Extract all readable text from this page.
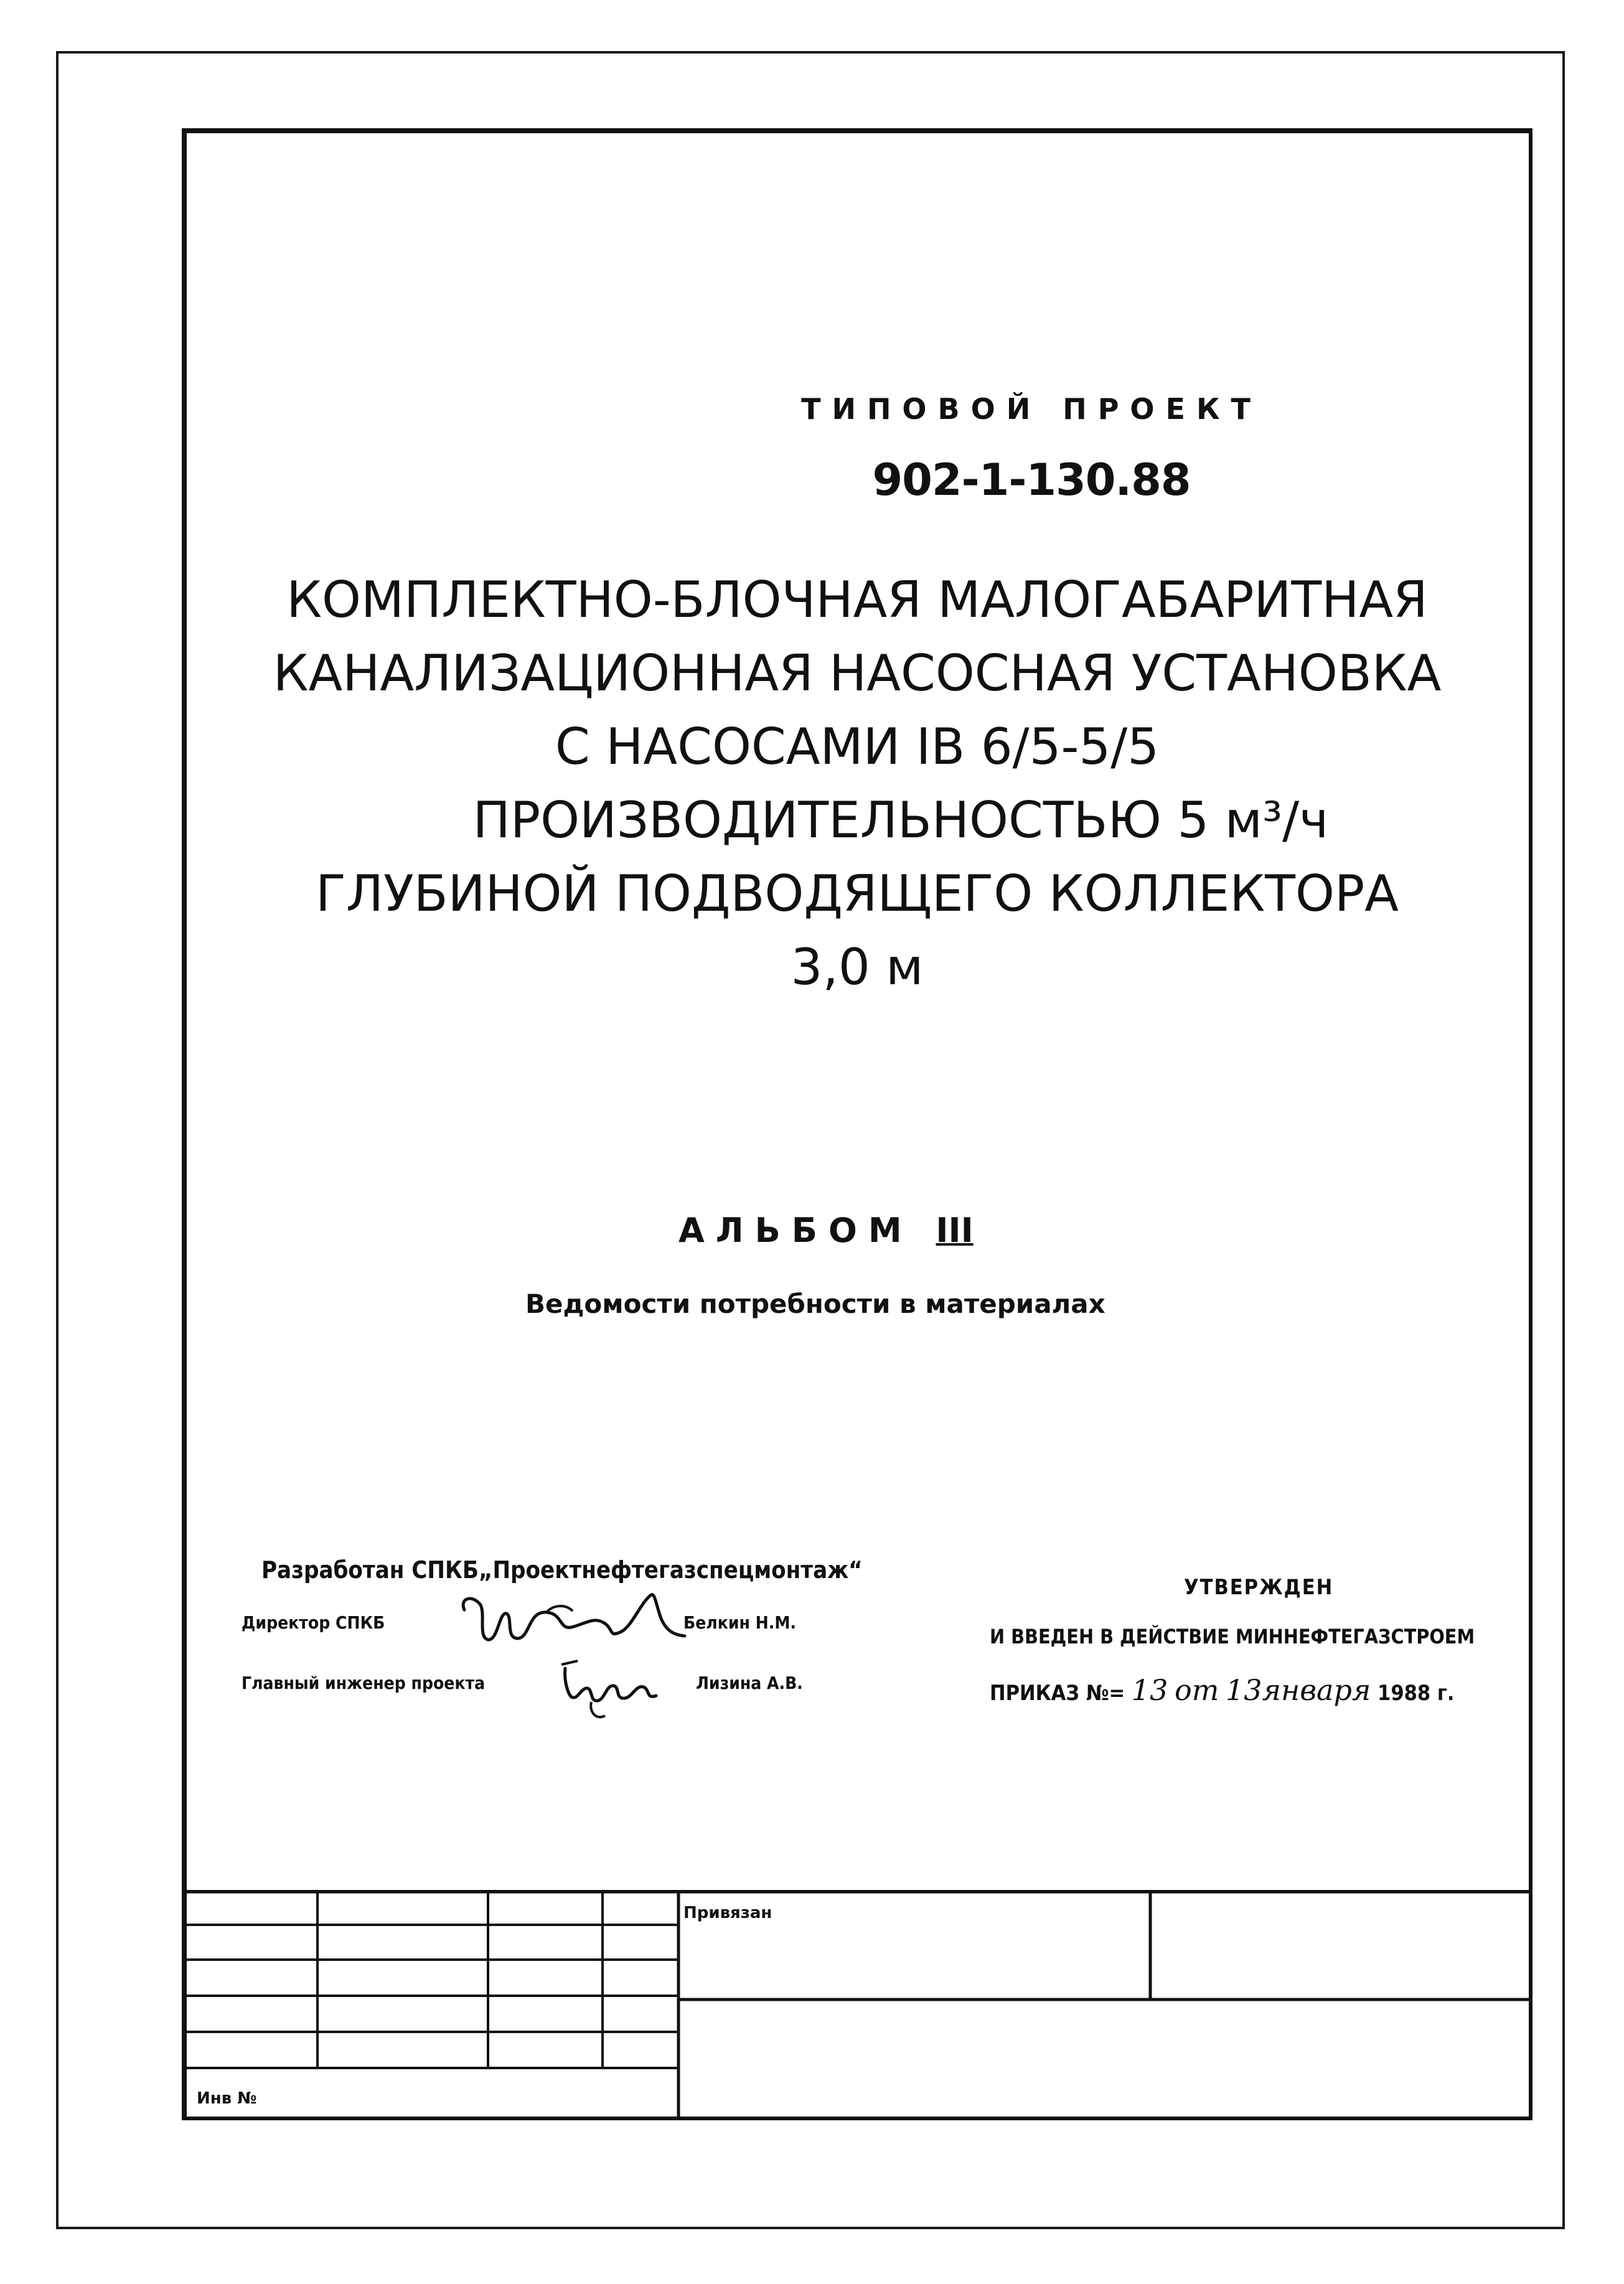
ТИПОВОЙ ПРОЕКТ
902-1-130.88
КОМПЛЕКТНО-БЛОЧНАЯ МАЛОГАБАРИТНАЯ
КАНАЛИЗАЦИОННАЯ НАСОСНАЯ УСТАНОВКА
С НАСОСАМИ IВ 6/5-5/5
ПРОИЗВОДИТЕЛЬНОСТЬЮ 5 м³/ч
ГЛУБИНОЙ ПОДВОДЯЩЕГО КОЛЛЕКТОРА
3,0 м
АЛЬБОМ III
Ведомости потребности в материалах
Разработан СПКБ„Проектнефтегазспецмонтаж“
Директор СПКБ	Белкин Н.М.
Главный инженер проекта	Лизина А.В.
УТВЕРЖДЕН
И ВВЕДЕН В ДЕЙСТВИЕ МИННЕФТЕГАЗСТРОЕМ
ПРИКАЗ №= 13 от 13января 1988 г.
Привязан
Инв №
